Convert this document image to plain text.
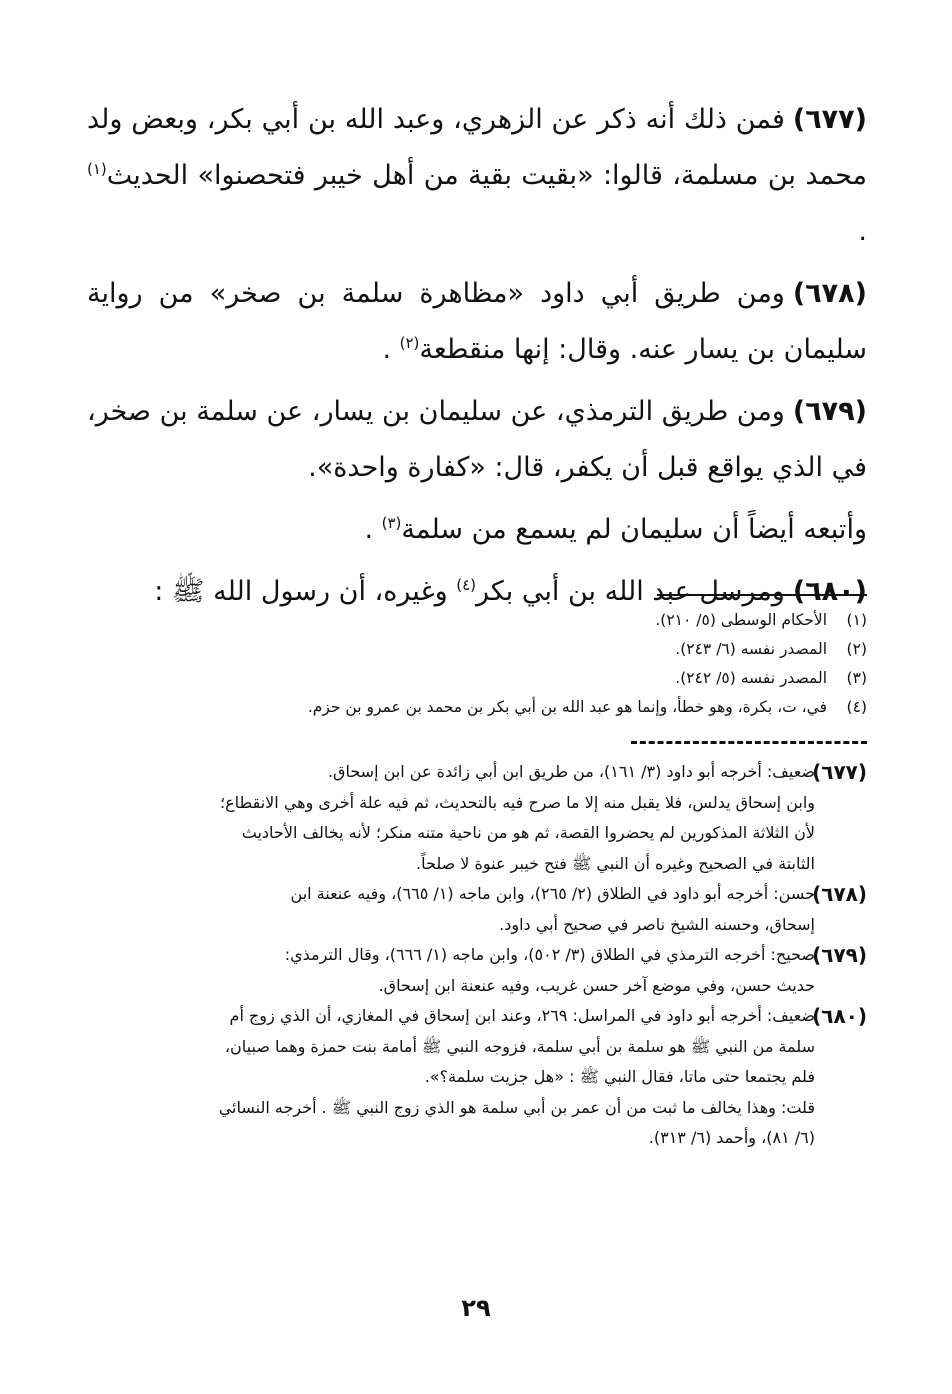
(٦٧٧)فمن ذلك أنه ذكر عن الزهري، وعبد الله بن أبي بكر، وبعض ولد محمد بن مسلمة، قالوا: «بقيت بقية من أهل خيبر فتحصنوا» الحديث$^{(١)}$ .

(٦٧٨)ومن طريق أبي داود «مظاهرة سلمة بن صخر» من رواية سليمان بن يسار عنه. وقال: إنها منقطعة$^{(٢)}$ .

(٦٧٩)ومن طريق الترمذي، عن سليمان بن يسار، عن سلمة بن صخر، في الذي يواقع قبل أن يكفر، قال: «كفارة واحدة».

وأتبعه أيضاً أن سليمان لم يسمع من سلمة$^{(٣)}$ .

(٦٨٠)ومرسل عبد الله بن أبي بكر$^{(٤)}$ وغيره، أن رسول الله ﷺ :

(١)
الأحكام الوسطى (٥/ ٢١٠).
(٢)
المصدر نفسه (٦/ ٢٤٣).
(٣)
المصدر نفسه (٥/ ٢٤٢).
(٤)
في، ت، بكرة، وهو خطأ، وإنما هو عبد الله بن أبي بكر بن محمد بن عمرو بن حزم.
(٦٧٧)
ضعيف: أخرجه أبو داود (٣/ ١٦١)، من طريق ابن أبي زائدة عن ابن إسحاق.
وابن إسحاق يدلس، فلا يقبل منه إلا ما صرح فيه بالتحديث، ثم فيه علة أخرى وهي الانقطاع؛
لأن الثلاثة المذكورين لم يحضروا القصة، ثم هو من ناحية متنه منكر؛ لأنه يخالف الأحاديث
الثابتة في الصحيح وغيره أن النبي ﷺ فتح خيبر عنوة لا صلحاً.
(٦٧٨)
حسن: أخرجه أبو داود في الطلاق (٢/ ٢٦٥)، وابن ماجه (١/ ٦٦٥)، وفيه عنعنة ابن
إسحاق، وحسنه الشيخ ناصر في صحيح أبي داود.
(٦٧٩)
صحيح: أخرجه الترمذي في الطلاق (٣/ ٥٠٢)، وابن ماجه (١/ ٦٦٦)، وقال الترمذي:
حديث حسن، وفي موضع آخر حسن غريب، وفيه عنعنة ابن إسحاق.
(٦٨٠)
ضعيف: أخرجه أبو داود في المراسل: ٢٦٩، وعند ابن إسحاق في المغازي، أن الذي زوج أم
سلمة من النبي ﷺ هو سلمة بن أبي سلمة، فزوجه النبي ﷺ أمامة بنت حمزة وهما صبيان،
فلم يجتمعا حتى ماتا، فقال النبي ﷺ : «هل جزيت سلمة؟».
قلت: وهذا يخالف ما ثبت من أن عمر بن أبي سلمة هو الذي زوج النبي ﷺ . أخرجه النسائي
(٦/ ٨١)، وأحمد (٦/ ٣١٣).
٢٩
